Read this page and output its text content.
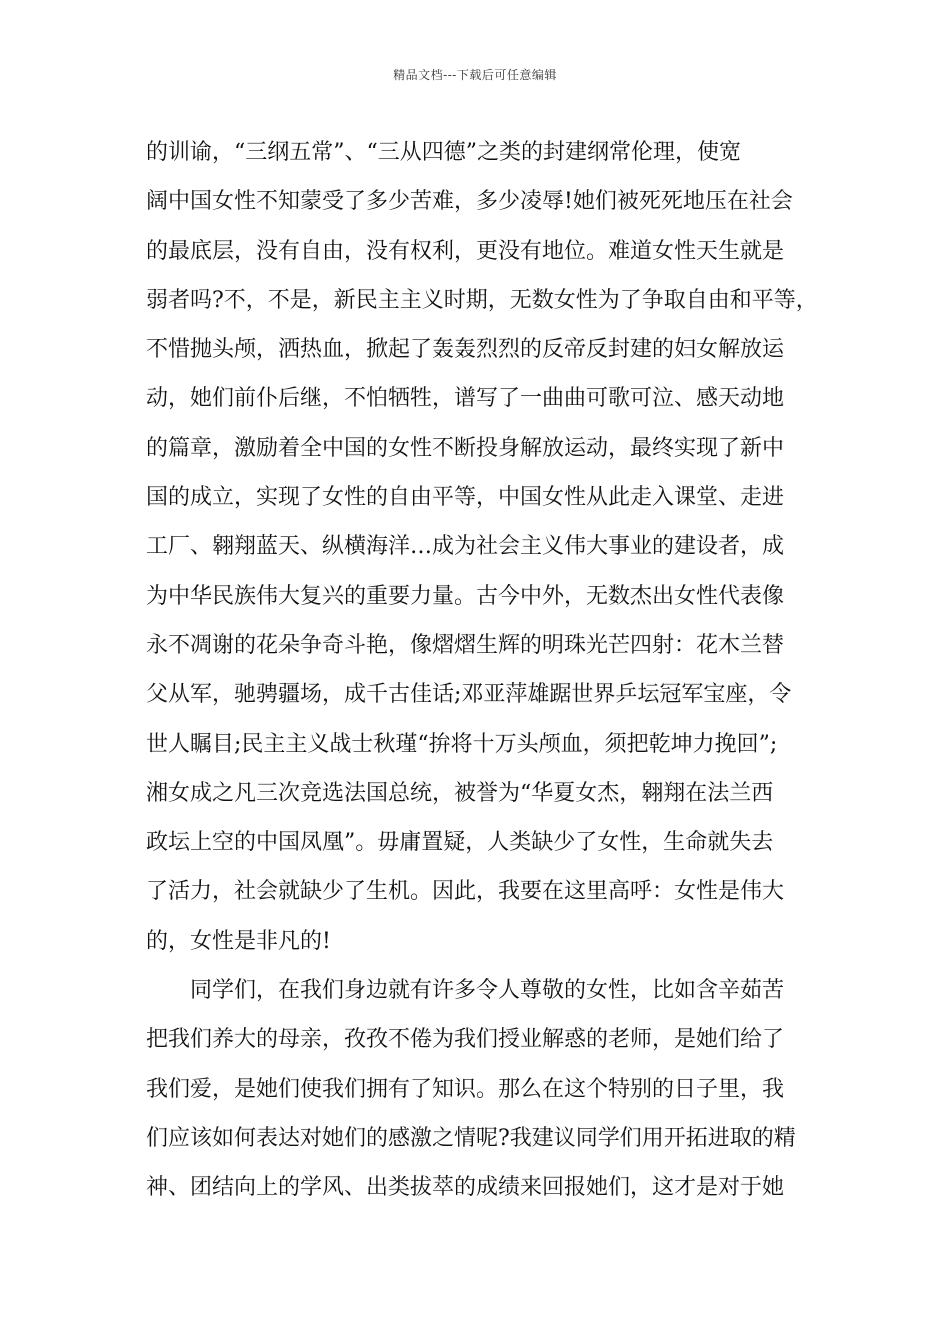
精品文档---下载后可任意编辑
的训谕，“三纲五常”、“三从四德”之类的封建纲常伦理，使宽
阔中国女性不知蒙受了多少苦难，多少凌辱!她们被死死地压在社会
的最底层，没有自由，没有权利，更没有地位。难道女性天生就是
弱者吗?不，不是，新民主主义时期，无数女性为了争取自由和平等，
不惜抛头颅，洒热血，掀起了轰轰烈烈的反帝反封建的妇女解放运
动，她们前仆后继，不怕牺牲，谱写了一曲曲可歌可泣、感天动地
的篇章，激励着全中国的女性不断投身解放运动，最终实现了新中
国的成立，实现了女性的自由平等，中国女性从此走入课堂、走进
工厂、翱翔蓝天、纵横海洋…成为社会主义伟大事业的建设者，成
为中华民族伟大复兴的重要力量。古今中外，无数杰出女性代表像
永不凋谢的花朵争奇斗艳，像熠熠生辉的明珠光芒四射：花木兰替
父从军，驰骋疆场，成千古佳话;邓亚萍雄踞世界乒坛冠军宝座，令
世人瞩目;民主主义战士秋瑾“拚将十万头颅血，须把乾坤力挽回”;
湘女成之凡三次竞选法国总统，被誉为“华夏女杰，翱翔在法兰西
政坛上空的中国凤凰”。毋庸置疑，人类缺少了女性，生命就失去
了活力，社会就缺少了生机。因此，我要在这里高呼：女性是伟大
的，女性是非凡的!
同学们，在我们身边就有许多令人尊敬的女性，比如含辛茹苦
把我们养大的母亲，孜孜不倦为我们授业解惑的老师，是她们给了
我们爱，是她们使我们拥有了知识。那么在这个特别的日子里，我
们应该如何表达对她们的感激之情呢?我建议同学们用开拓进取的精
神、团结向上的学风、出类拔萃的成绩来回报她们，这才是对于她
